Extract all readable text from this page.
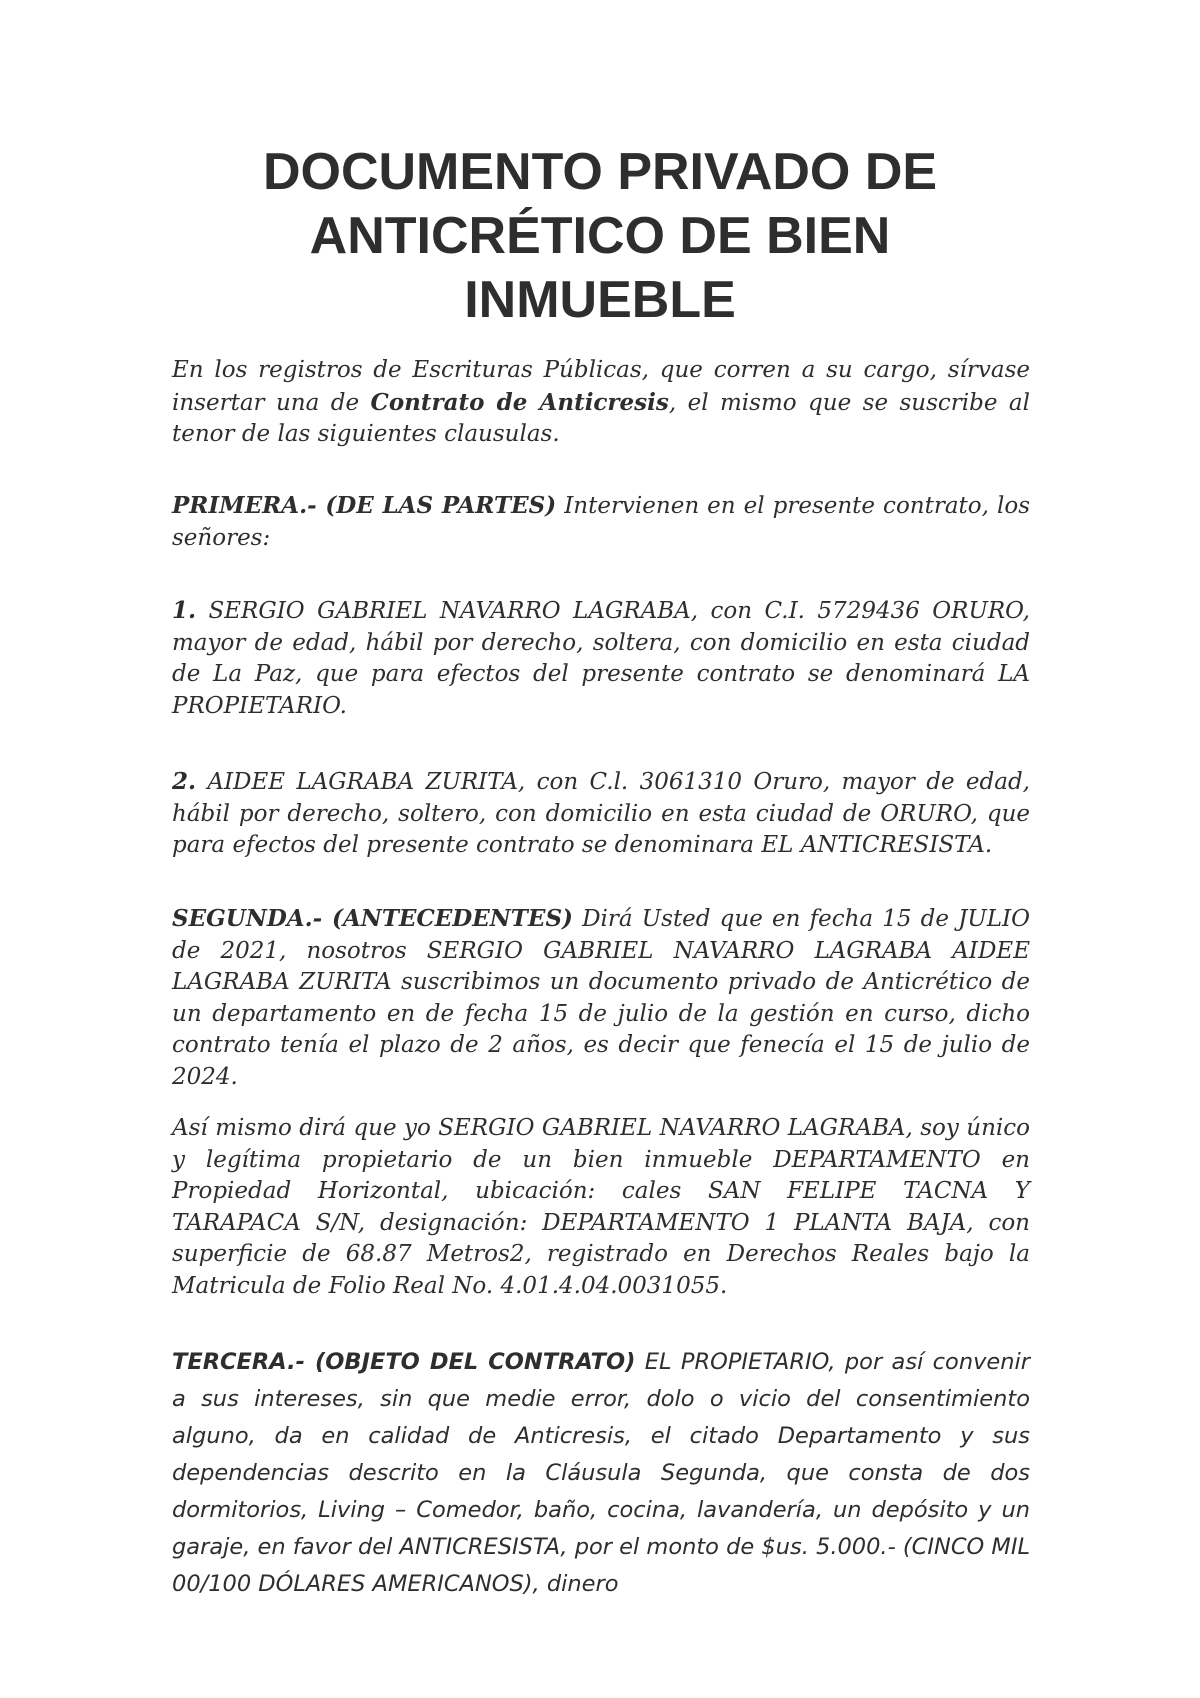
DOCUMENTO PRIVADO DE ANTICRÉTICO DE BIEN INMUEBLE

En los registros de Escrituras Públicas, que corren a su cargo, sírvase insertar una de Contrato de Anticresis, el mismo que se suscribe al tenor de las siguientes clausulas.

PRIMERA.- (DE LAS PARTES) Intervienen en el presente contrato, los señores:

1. SERGIO GABRIEL NAVARRO LAGRABA, con C.I. 5729436 ORURO, mayor de edad, hábil por derecho, soltera, con domicilio en esta ciudad de La Paz, que para efectos del presente contrato se denominará LA PROPIETARIO.

2. AIDEE LAGRABA ZURITA, con C.l. 3061310 Oruro, mayor de edad, hábil por derecho, soltero, con domicilio en esta ciudad de ORURO, que para efectos del presente contrato se denominara EL ANTICRESISTA.

SEGUNDA.- (ANTECEDENTES) Dirá Usted que en fecha 15 de JULIO de 2021, nosotros SERGIO GABRIEL NAVARRO LAGRABA AIDEE LAGRABA ZURITA suscribimos un documento privado de Anticrético de un departamento en de fecha 15 de julio de la gestión en curso, dicho contrato tenía el plazo de 2 años, es decir que fenecía el 15 de julio de 2024.

Así mismo dirá que yo SERGIO GABRIEL NAVARRO LAGRABA, soy único y legítima propietario de un bien inmueble DEPARTAMENTO en Propiedad Horizontal, ubicación: cales SAN FELIPE TACNA Y TARAPACA S/N, designación: DEPARTAMENTO 1 PLANTA BAJA, con superficie de 68.87 Metros2, registrado en Derechos Reales bajo la Matricula de Folio Real No. 4.01.4.04.0031055.

TERCERA.- (OBJETO DEL CONTRATO) EL PROPIETARIO, por así convenir a sus intereses, sin que medie error, dolo o vicio del consentimiento alguno, da en calidad de Anticresis, el citado Departamento y sus dependencias descrito en la Cláusula Segunda, que consta de dos dormitorios, Living – Comedor, baño, cocina, lavandería, un depósito y un garaje, en favor del ANTICRESISTA, por el monto de $us. 5.000.- (CINCO MIL 00/100 DÓLARES AMERICANOS), dinero
